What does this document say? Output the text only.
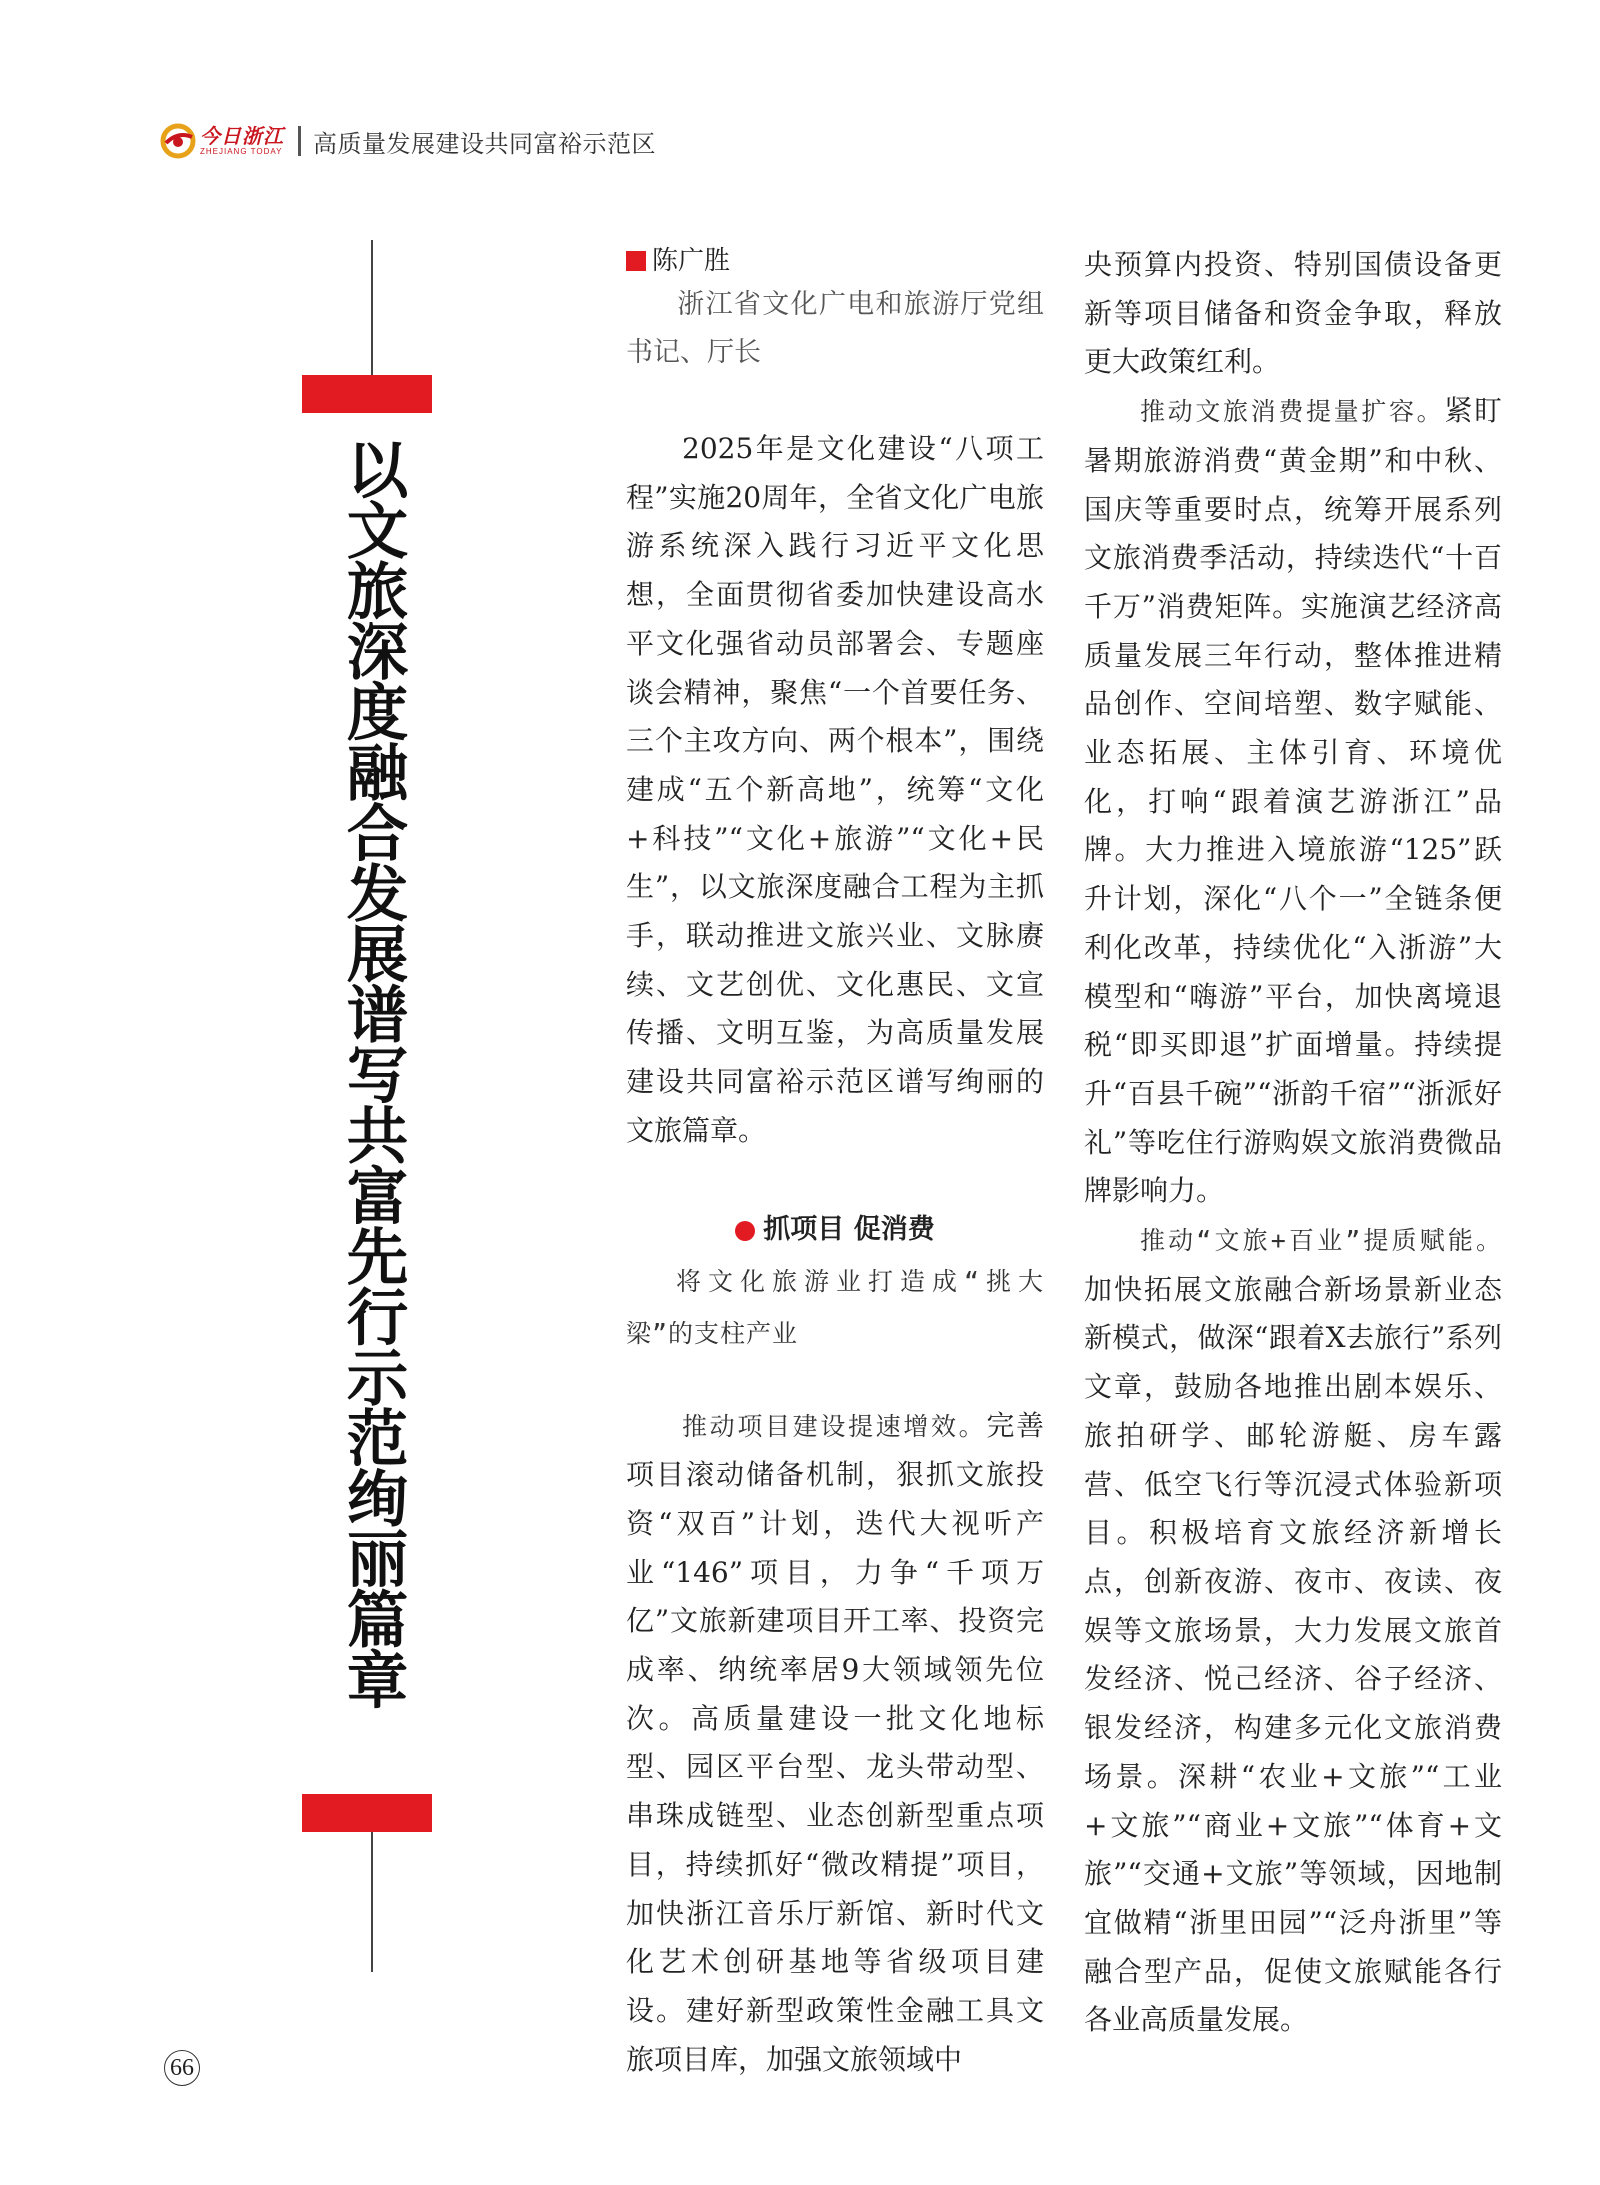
今日浙江
ZHEJIANG TODAY 高质量发展建设共同富裕示范区
以文旅深度融合发展谱写共富先行示范绚丽篇章
陈广胜
浙江省文化广电和旅游厅党组书记、厅长

2025年是文化建设“八项工程”实施20周年，全省文化广电旅游系统深入践行习近平文化思想，全面贯彻省委加快建设高水平文化强省动员部署会、专题座谈会精神，聚焦“一个首要任务、三个主攻方向、两个根本”，围绕建成“五个新高地”，统筹“文化+科技”“文化+旅游”“文化+民生”，以文旅深度融合工程为主抓手，联动推进文旅兴业、文脉赓续、文艺创优、文化惠民、文宣传播、文明互鉴，为高质量发展建设共同富裕示范区谱写绚丽的文旅篇章。

抓项目 促消费
将文化旅游业打造成“挑大梁”的支柱产业

推动项目建设提速增效。完善项目滚动储备机制，狠抓文旅投资“双百”计划，迭代大视听产业“146”项目，力争“千项万亿”文旅新建项目开工率、投资完成率、纳统率居9大领域领先位次。高质量建设一批文化地标型、园区平台型、龙头带动型、串珠成链型、业态创新型重点项目，持续抓好“微改精提”项目，加快浙江音乐厅新馆、新时代文化艺术创研基地等省级项目建设。建好新型政策性金融工具文旅项目库，加强文旅领域中

央预算内投资、特别国债设备更新等项目储备和资金争取，释放更大政策红利。

推动文旅消费提量扩容。紧盯暑期旅游消费“黄金期”和中秋、国庆等重要时点，统筹开展系列文旅消费季活动，持续迭代“十百千万”消费矩阵。实施演艺经济高质量发展三年行动，整体推进精品创作、空间培塑、数字赋能、业态拓展、主体引育、环境优化，打响“跟着演艺游浙江”品牌。大力推进入境旅游“125”跃升计划，深化“八个一”全链条便利化改革，持续优化“入浙游”大模型和“嗨游”平台，加快离境退税“即买即退”扩面增量。持续提升“百县千碗”“浙韵千宿”“浙派好礼”等吃住行游购娱文旅消费微品牌影响力。

推动“文旅+百业”提质赋能。加快拓展文旅融合新场景新业态新模式，做深“跟着X去旅行”系列文章，鼓励各地推出剧本娱乐、旅拍研学、邮轮游艇、房车露营、低空飞行等沉浸式体验新项目。积极培育文旅经济新增长点，创新夜游、夜市、夜读、夜娱等文旅场景，大力发展文旅首发经济、悦己经济、谷子经济、银发经济，构建多元化文旅消费场景。深耕“农业+文旅”“工业+文旅”“商业+文旅”“体育+文旅”“交通+文旅”等领域，因地制宜做精“浙里田园”“泛舟浙里”等融合型产品，促使文旅赋能各行各业高质量发展。

66
